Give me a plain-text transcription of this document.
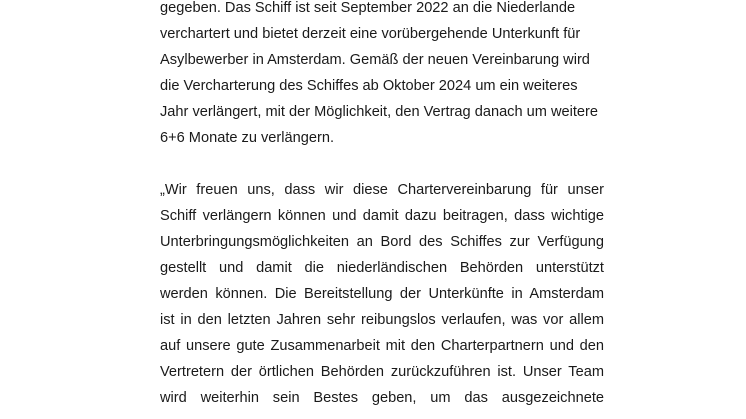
gegeben. Das Schiff ist seit September 2022 an die Niederlande
verchartert und bietet derzeit eine vorübergehende Unterkunft für
Asylbewerber in Amsterdam. Gemäß der neuen Vereinbarung wird
die Vercharterung des Schiffes ab Oktober 2024 um ein weiteres
Jahr verlängert, mit der Möglichkeit, den Vertrag danach um weitere
6+6 Monate zu verlängern.
„Wir freuen uns, dass wir diese Chartervereinbarung für unser
Schiff verlängern können und damit dazu beitragen, dass wichtige
Unterbringungsmöglichkeiten an Bord des Schiffes zur Verfügung
gestellt und damit die niederländischen Behörden unterstützt
werden können. Die Bereitstellung der Unterkünfte in Amsterdam
ist in den letzten Jahren sehr reibungslos verlaufen, was vor allem
auf unsere gute Zusammenarbeit mit den Charterpartnern und den
Vertretern der örtlichen Behörden zurückzuführen ist. Unser Team
wird weiterhin sein Bestes geben, um das ausgezeichnete
